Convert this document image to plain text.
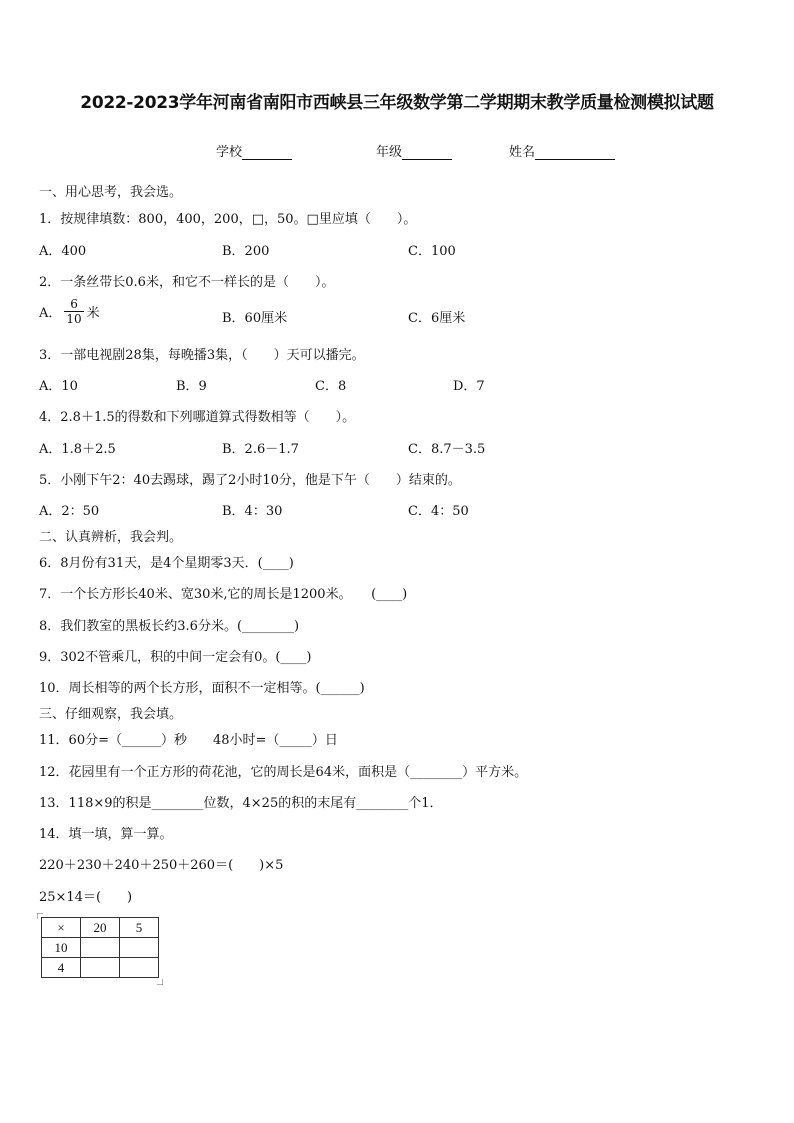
2022-2023学年河南省南阳市西峡县三年级数学第二学期期末教学质量检测模拟试题
学校	年级	姓名
一、用心思考，我会选。
1．按规律填数：800，400，200，□，50。□里应填（　　）。
A．400	B．200	C．100
2．一条丝带长0.6米，和它不一样长的是（　　）。
A． $\frac{6}{10}$ 米	B．60厘米	C．6厘米
3．一部电视剧28集，每晚播3集，（　　）天可以播完。
A．10	B．9	C．8	D．7
4．2.8＋1.5的得数和下列哪道算式得数相等（　　）。
A．1.8＋2.5	B．2.6－1.7	C．8.7－3.5
5．小刚下午2：40去踢球，踢了2小时10分，他是下午（　　）结束的。
A．2：50	B．4：30	C．4：50
二、认真辨析，我会判。
6．8月份有31天，是4个星期零3天．(____)
7．一个长方形长40米、宽30米,它的周长是1200米。　　(____)
8．我们教室的黑板长约3.6分米。(________)
9．302不管乘几，积的中间一定会有0。(____)
10．周长相等的两个长方形，面积不一定相等。(______)
三、仔细观察，我会填。
11．60分=（______）秒　　48小时=（_____）日
12．花园里有一个正方形的荷花池，它的周长是64米，面积是（________）平方米。
13．118×9的积是________位数，4×25的积的末尾有________个1．
14．填一填，算一算。
220＋230＋240＋250＋260＝(　　)×5
25×14＝(　　)
×	20	5
10		
4		
